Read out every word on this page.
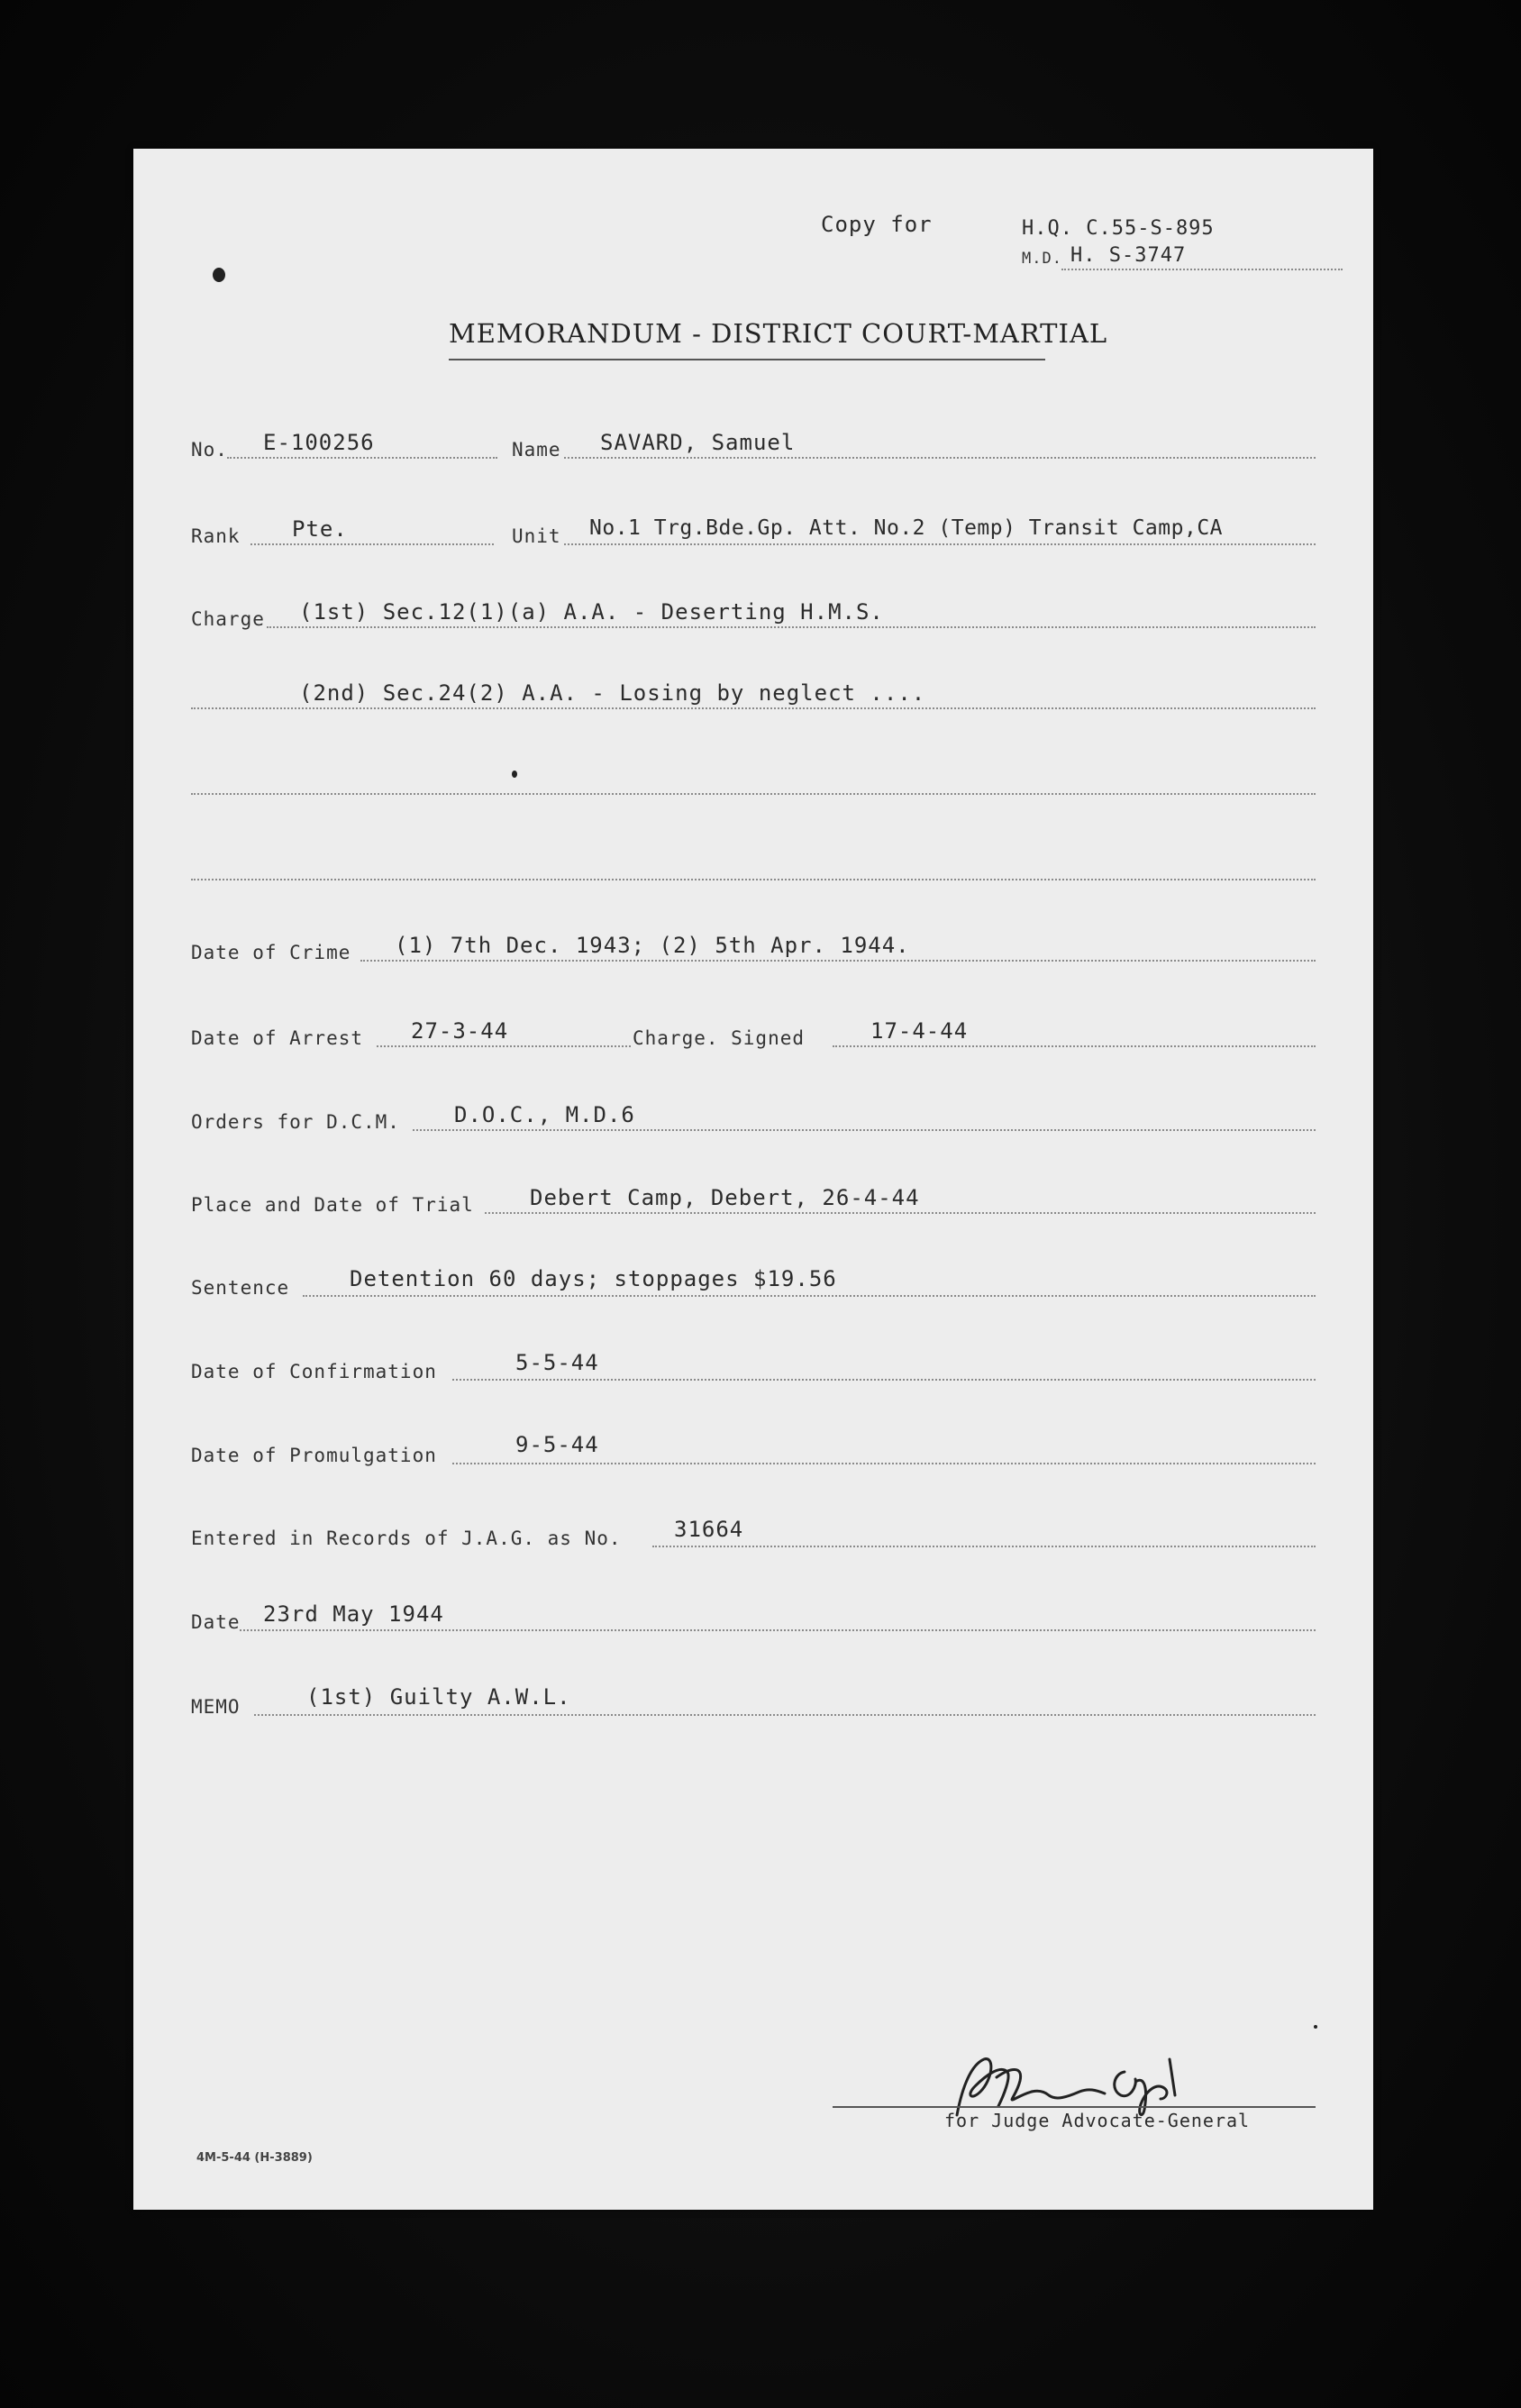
Copy for	H.Q. C.55-S-895
M.D. H. S-3747
MEMORANDUM - DISTRICT COURT-MARTIAL
No. E-100256	Name SAVARD, Samuel
Rank Pte.	Unit No.1 Trg.Bde.Gp. Att. No.2 (Temp) Transit Camp,CA
Charge (1st) Sec.12(1)(a) A.A. - Deserting H.M.S.
(2nd) Sec.24(2) A.A. - Losing by neglect ....
Date of Crime (1) 7th Dec. 1943; (2) 5th Apr. 1944.
Date of Arrest 27-3-44	Charge. Signed	17-4-44
Orders for D.C.M.	D.O.C., M.D.6
Place and Date of Trial	Debert Camp, Debert, 26-4-44
Sentence	Detention 60 days; stoppages $19.56
Date of Confirmation	5-5-44
Date of Promulgation	9-5-44
Entered in Records of J.A.G. as No. 31664
Date 23rd May 1944
MEMO	(1st) Guilty A.W.L.
for Judge Advocate-General
4M-5-44 (H-3889)
